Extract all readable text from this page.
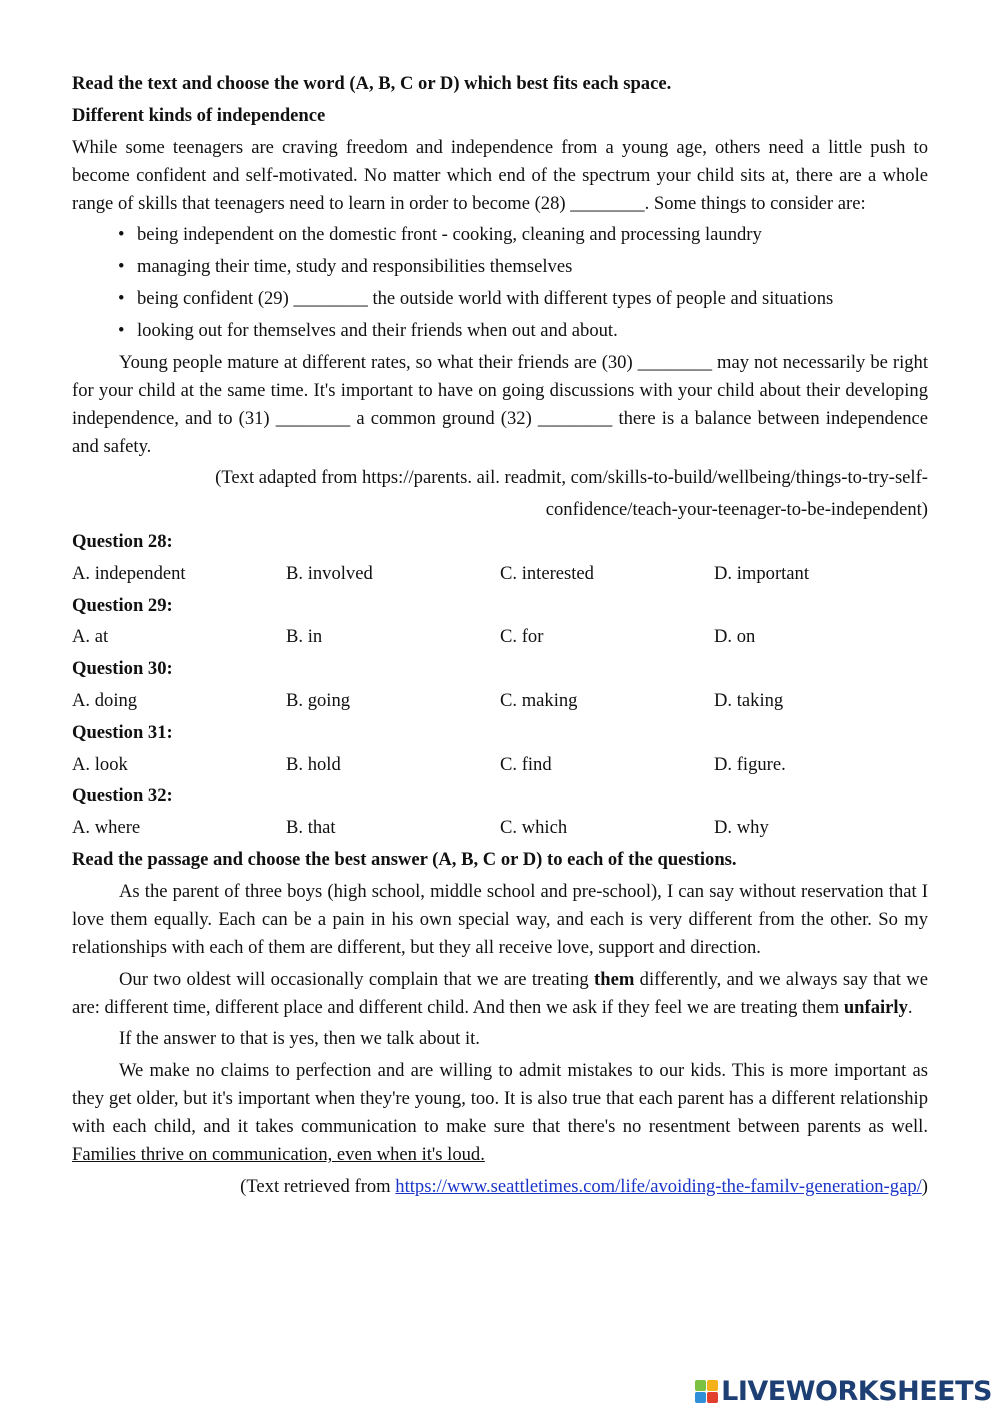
Read the text and choose the word (A, B, C or D) which best fits each space.
Different kinds of independence
While some teenagers are craving freedom and independence from a young age, others need a little push to become confident and self-motivated. No matter which end of the spectrum your child sits at, there are a whole range of skills that teenagers need to learn in order to become (28) ________. Some things to consider are:
• being independent on the domestic front - cooking, cleaning and processing laundry
• managing their time, study and responsibilities themselves
• being confident (29) ________ the outside world with different types of people and situations
• looking out for themselves and their friends when out and about.
Young people mature at different rates, so what their friends are (30) ________ may not necessarily be right for your child at the same time. It's important to have on going discussions with your child about their developing independence, and to (31) ________ a common ground (32) ________ there is a balance between independence and safety.
(Text adapted from https://parents. ail. readmit, com/skills-to-build/wellbeing/things-to-try-self-
confidence/teach-your-teenager-to-be-independent)
Question 28:
A. independent	B. involved	C. interested	D. important
Question 29:
A. at	B. in	C. for	D. on
Question 30:
A. doing	B. going	C. making	D. taking
Question 31:
A. look	B. hold	C. find	D. figure.
Question 32:
A. where	B. that	C. which	D. why
Read the passage and choose the best answer (A, B, C or D) to each of the questions.
As the parent of three boys (high school, middle school and pre-school), I can say without reservation that I love them equally. Each can be a pain in his own special way, and each is very different from the other. So my relationships with each of them are different, but they all receive love, support and direction.
Our two oldest will occasionally complain that we are treating them differently, and we always say that we are: different time, different place and different child. And then we ask if they feel we are treating them unfairly.
If the answer to that is yes, then we talk about it.
We make no claims to perfection and are willing to admit mistakes to our kids. This is more important as they get older, but it's important when they're young, too. It is also true that each parent has a different relationship with each child, and it takes communication to make sure that there's no resentment between parents as well. Families thrive on communication, even when it's loud.
(Text retrieved from https://www.seattletimes.com/life/avoiding-the-familv-generation-gap/)
LIVEWORKSHEETS
